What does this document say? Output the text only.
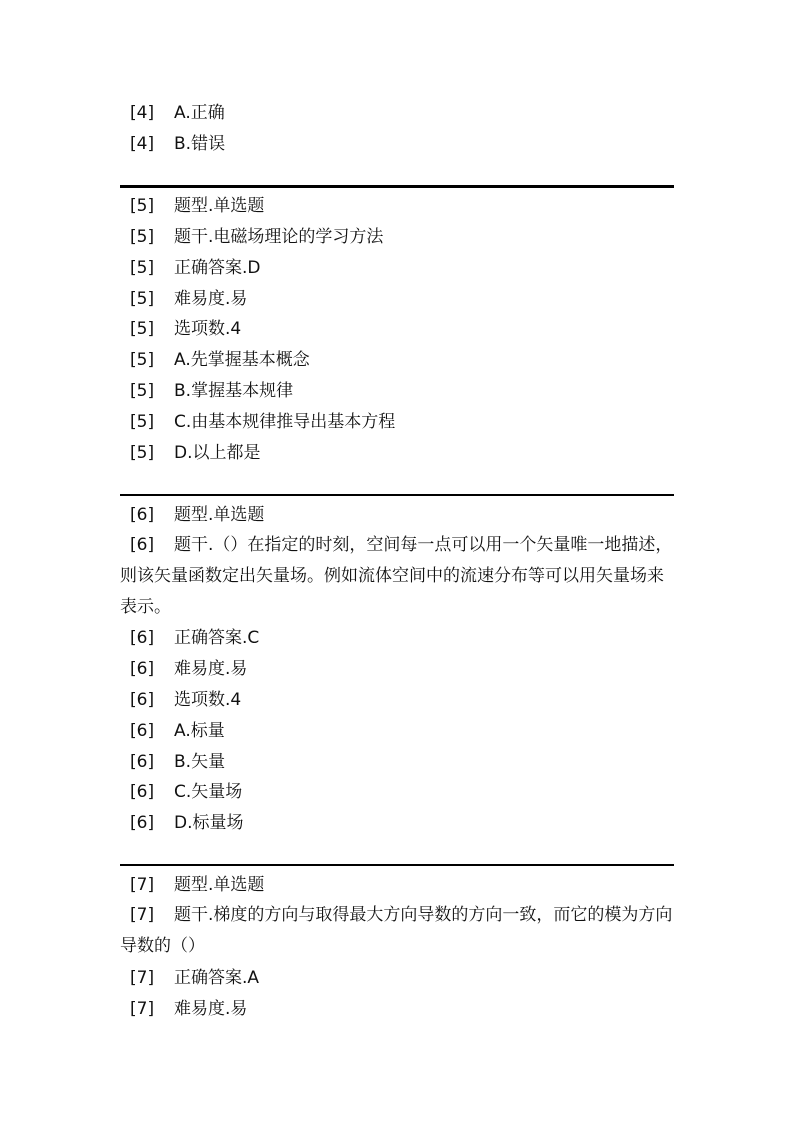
[4] A.正确
[4] B.错误
[5] 题型.单选题
[5] 题干.电磁场理论的学习方法
[5] 正确答案.D
[5] 难易度.易
[5] 选项数.4
[5] A.先掌握基本概念
[5] B.掌握基本规律
[5] C.由基本规律推导出基本方程
[5] D.以上都是
[6] 题型.单选题
[6] 题干.（）在指定的时刻，空间每一点可以用一个矢量唯一地描述，则该矢量函数定出矢量场。例如流体空间中的流速分布等可以用矢量场来表示。
[6] 正确答案.C
[6] 难易度.易
[6] 选项数.4
[6] A.标量
[6] B.矢量
[6] C.矢量场
[6] D.标量场
[7] 题型.单选题
[7] 题干.梯度的方向与取得最大方向导数的方向一致，而它的模为方向导数的（）
[7] 正确答案.A
[7] 难易度.易
